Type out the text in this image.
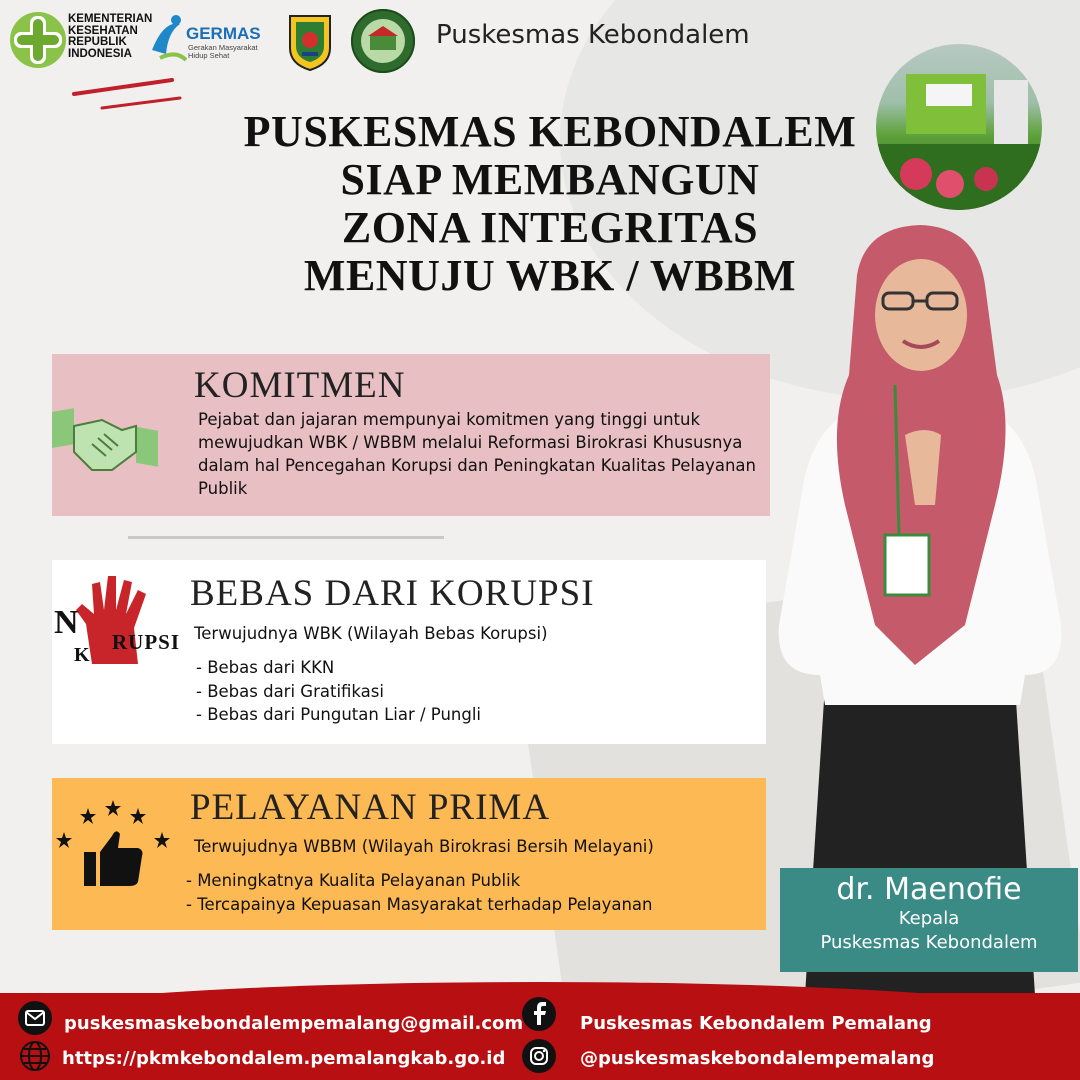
KEMENTERIAN KESEHATAN REPUBLIK INDONESIA
GERMAS
Gerakan Masyarakat Hidup Sehat
Puskesmas Kebondalem
PUSKESMAS KEBONDALEM
SIAP MEMBANGUN
ZONA INTEGRITAS
MENUJU WBK / WBBM
KOMITMEN
Pejabat dan jajaran mempunyai komitmen yang tinggi untuk mewujudkan WBK / WBBM melalui Reformasi Birokrasi Khususnya dalam hal Pencegahan Korupsi dan Peningkatan Kualitas Pelayanan Publik
N
K
RUPSI
BEBAS DARI KORUPSI
Terwujudnya WBK (Wilayah Bebas Korupsi)
- Bebas dari KKN
- Bebas dari Gratifikasi
- Bebas dari Pungutan Liar / Pungli
PELAYANAN PRIMA
Terwujudnya WBBM (Wilayah Birokrasi Bersih Melayani)
- Meningkatnya Kualita Pelayanan Publik
- Tercapainya Kepuasan Masyarakat terhadap Pelayanan	dr. Maenofie
Kepala
Puskesmas Kebondalem
puskesmaskebondalempemalang@gmail.com
https://pkmkebondalem.pemalangkab.go.id
Puskesmas Kebondalem Pemalang
@puskesmaskebondalempemalang
